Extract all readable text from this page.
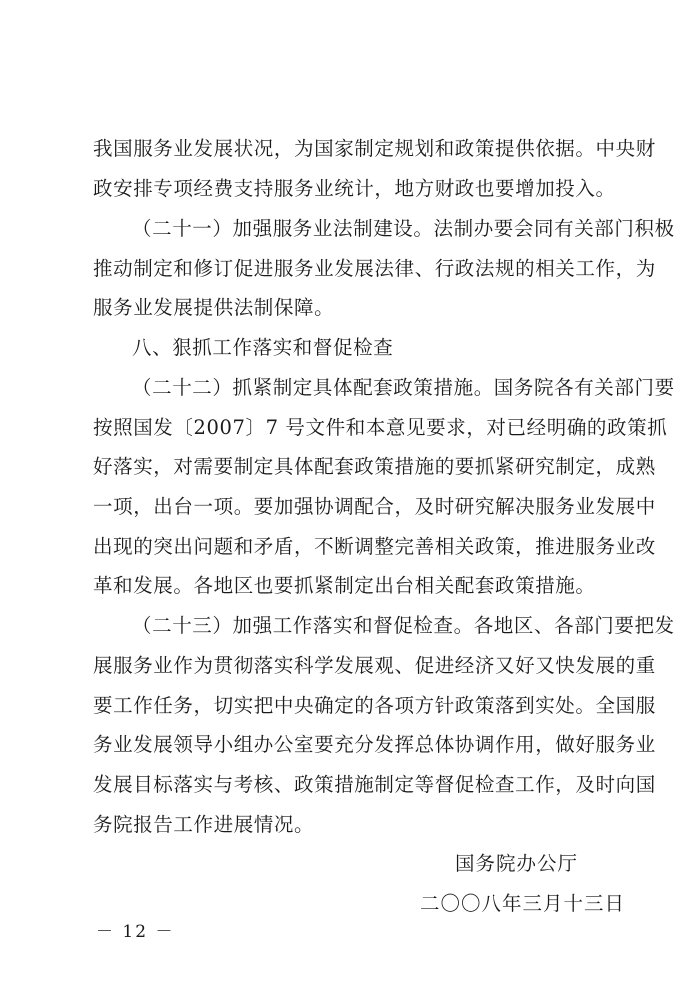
我国服务业发展状况，为国家制定规划和政策提供依据。中央财
政安排专项经费支持服务业统计，地方财政也要增加投入。
（二十一）加强服务业法制建设。法制办要会同有关部门积极
推动制定和修订促进服务业发展法律、行政法规的相关工作，为
服务业发展提供法制保障。
八、狠抓工作落实和督促检查
（二十二）抓紧制定具体配套政策措施。国务院各有关部门要
按照国发〔2007〕7 号文件和本意见要求，对已经明确的政策抓
好落实，对需要制定具体配套政策措施的要抓紧研究制定，成熟
一项，出台一项。要加强协调配合，及时研究解决服务业发展中
出现的突出问题和矛盾，不断调整完善相关政策，推进服务业改
革和发展。各地区也要抓紧制定出台相关配套政策措施。
（二十三）加强工作落实和督促检查。各地区、各部门要把发
展服务业作为贯彻落实科学发展观、促进经济又好又快发展的重
要工作任务，切实把中央确定的各项方针政策落到实处。全国服
务业发展领导小组办公室要充分发挥总体协调作用，做好服务业
发展目标落实与考核、政策措施制定等督促检查工作，及时向国
务院报告工作进展情况。
国务院办公厅
二〇〇八年三月十三日
－ 12 －
